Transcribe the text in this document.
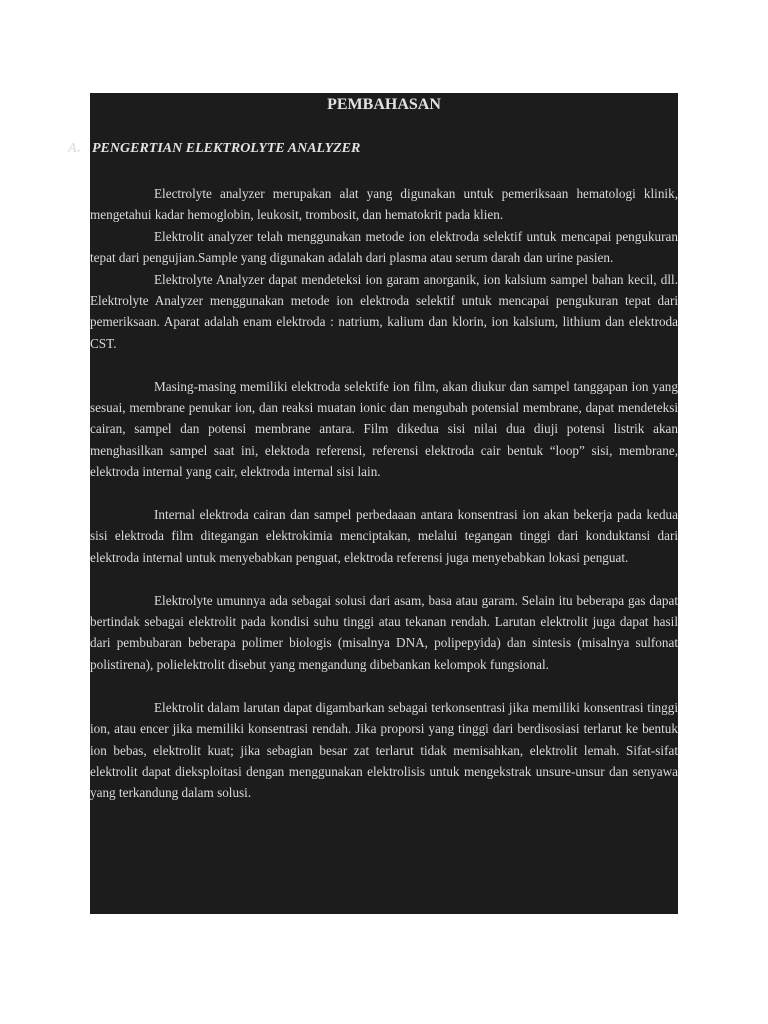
PEMBAHASAN
A. PENGERTIAN ELEKTROLYTE ANALYZER

Electrolyte analyzer merupakan alat yang digunakan untuk pemeriksaan hematologi klinik, mengetahui kadar hemoglobin, leukosit, trombosit, dan hematokrit pada klien.

Elektrolit analyzer telah menggunakan metode ion elektroda selektif untuk mencapai pengukuran tepat dari pengujian.Sample yang digunakan adalah dari plasma atau serum darah dan urine pasien.

Elektrolyte Analyzer dapat mendeteksi ion garam anorganik, ion kalsium sampel bahan kecil, dll. Elektrolyte Analyzer menggunakan metode ion elektroda selektif untuk mencapai pengukuran tepat dari pemeriksaan. Aparat adalah enam elektroda : natrium, kalium dan klorin, ion kalsium, lithium dan elektroda CST.

Masing-masing memiliki elektroda selektife ion film, akan diukur dan sampel tanggapan ion yang sesuai, membrane penukar ion, dan reaksi muatan ionic dan mengubah potensial membrane, dapat mendeteksi cairan, sampel dan potensi membrane antara. Film dikedua sisi nilai dua diuji potensi listrik akan menghasilkan sampel saat ini, elektoda referensi, referensi elektroda cair bentuk “loop” sisi, membrane, elektroda internal yang cair, elektroda internal sisi lain.

Internal elektroda cairan dan sampel perbedaaan antara konsentrasi ion akan bekerja pada kedua sisi elektroda film ditegangan elektrokimia menciptakan, melalui tegangan tinggi dari konduktansi dari elektroda internal untuk menyebabkan penguat, elektroda referensi juga menyebabkan lokasi penguat.

Elektrolyte umunnya ada sebagai solusi dari asam, basa atau garam. Selain itu beberapa gas dapat bertindak sebagai elektrolit pada kondisi suhu tinggi atau tekanan rendah. Larutan elektrolit juga dapat hasil dari pembubaran beberapa polimer biologis (misalnya DNA, polipepyida) dan sintesis (misalnya sulfonat polistirena), polielektrolit disebut yang mengandung dibebankan kelompok fungsional.

Elektrolit dalam larutan dapat digambarkan sebagai terkonsentrasi jika memiliki konsentrasi tinggi ion, atau encer jika memiliki konsentrasi rendah. Jika proporsi yang tinggi dari berdisosiasi terlarut ke bentuk ion bebas, elektrolit kuat; jika sebagian besar zat terlarut tidak memisahkan, elektrolit lemah. Sifat-sifat elektrolit dapat dieksploitasi dengan menggunakan elektrolisis untuk mengekstrak unsure-unsur dan senyawa yang terkandung dalam solusi.
